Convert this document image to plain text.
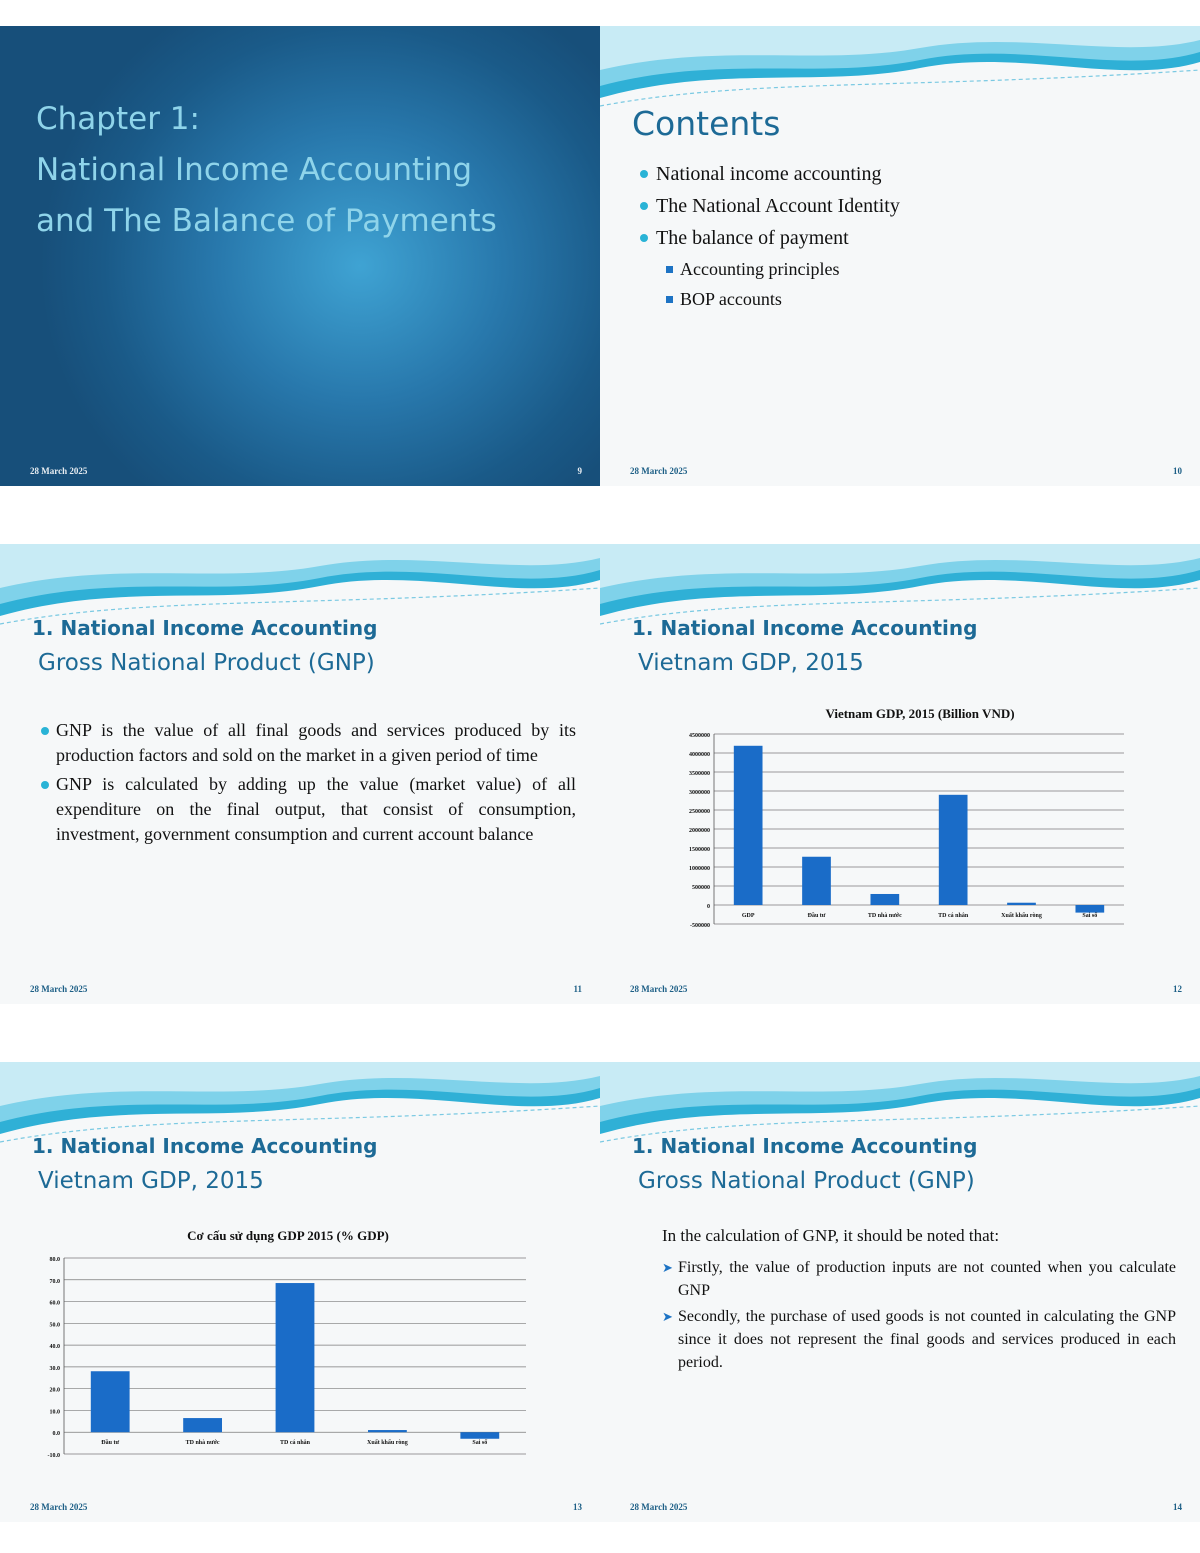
Chapter 1:
National Income Accounting
and The Balance of Payments
28 March 2025	9
Contents
National income accounting
The National Account Identity
The balance of payment
Accounting principles
BOP accounts
28 March 2025	10
1. National Income Accounting
Gross National Product (GNP)

GNP is the value of all final goods and services produced by its production factors and sold on the market in a given period of time

GNP is calculated by adding up the value (market value) of all expenditure on the final output, that consist of consumption, investment, government consumption and current account balance

28 March 2025	11
1. National Income Accounting
Vietnam GDP, 2015
Vietnam GDP, 2015 (Billion VND)
-500000
0
500000
1000000
1500000
2000000
2500000
3000000
3500000
4000000
4500000
GDP	Đầu tư	TD nhà nước	TD cá nhân	Xuất khẩu ròng	Sai số
28 March 2025	12
1. National Income Accounting
Vietnam GDP, 2015
Cơ cấu sử dụng GDP 2015 (% GDP)
-10.0
0.0
10.0
20.0
30.0
40.0
50.0
60.0
70.0
80.0
Đầu tư	TD nhà nước	TD cá nhân	Xuất khẩu ròng	Sai số
28 March 2025	13
1. National Income Accounting
Gross National Product (GNP)
In the calculation of GNP, it should be noted that:

➤ Firstly, the value of production inputs are not counted when you calculate GNP

➤ Secondly, the purchase of used goods is not counted in calculating the GNP since it does not represent the final goods and services produced in each period.

28 March 2025	14
